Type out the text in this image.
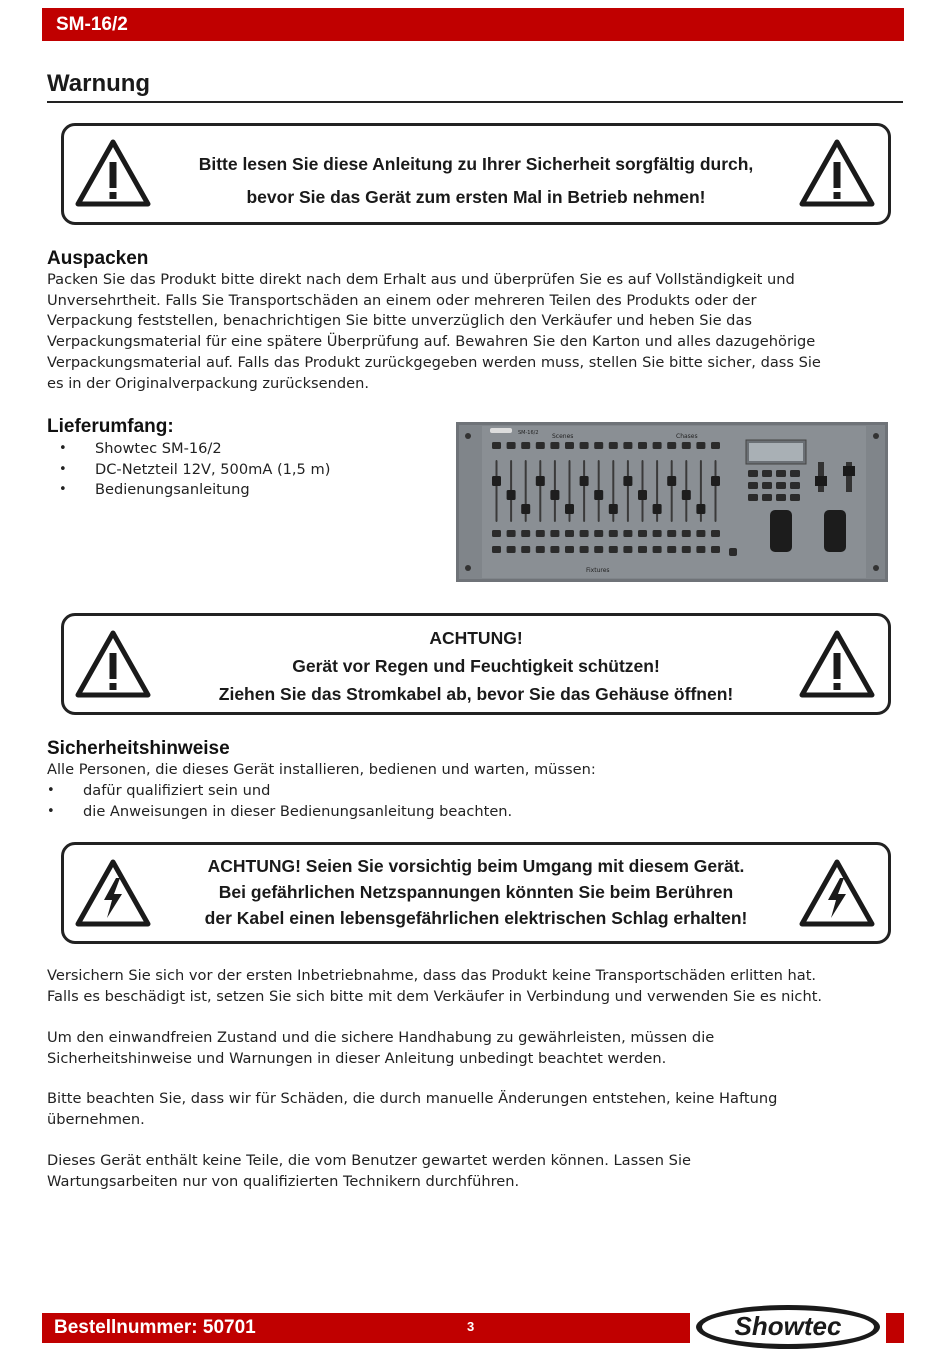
SM-16/2
Warnung
Bitte lesen Sie diese Anleitung zu Ihrer Sicherheit sorgfältig durch,
bevor Sie das Gerät zum ersten Mal in Betrieb nehmen!
Auspacken
Packen Sie das Produkt bitte direkt nach dem Erhalt aus und überprüfen Sie es auf Vollständigkeit und
Unversehrtheit. Falls Sie Transportschäden an einem oder mehreren Teilen des Produkts oder der
Verpackung feststellen, benachrichtigen Sie bitte unverzüglich den Verkäufer und heben Sie das
Verpackungsmaterial für eine spätere Überprüfung auf. Bewahren Sie den Karton und alles dazugehörige
Verpackungsmaterial auf. Falls das Produkt zurückgegeben werden muss, stellen Sie bitte sicher, dass Sie
es in der Originalverpackung zurücksenden.
Lieferumfang:
• Showtec SM-16/2
• DC-Netzteil 12V, 500mA (1,5 m)
• Bedienungsanleitung
SM-16/2 Scenes	Chases
Fixtures
ACHTUNG!
Gerät vor Regen und Feuchtigkeit schützen!
Ziehen Sie das Stromkabel ab, bevor Sie das Gehäuse öffnen!
Sicherheitshinweise
Alle Personen, die dieses Gerät installieren, bedienen und warten, müssen:
• dafür qualifiziert sein und
• die Anweisungen in dieser Bedienungsanleitung beachten.
ACHTUNG! Seien Sie vorsichtig beim Umgang mit diesem Gerät.
Bei gefährlichen Netzspannungen könnten Sie beim Berühren
der Kabel einen lebensgefährlichen elektrischen Schlag erhalten!
Versichern Sie sich vor der ersten Inbetriebnahme, dass das Produkt keine Transportschäden erlitten hat.
Falls es beschädigt ist, setzen Sie sich bitte mit dem Verkäufer in Verbindung und verwenden Sie es nicht.
Um den einwandfreien Zustand und die sichere Handhabung zu gewährleisten, müssen die
Sicherheitshinweise und Warnungen in dieser Anleitung unbedingt beachtet werden.
Bitte beachten Sie, dass wir für Schäden, die durch manuelle Änderungen entstehen, keine Haftung
übernehmen.
Dieses Gerät enthält keine Teile, die vom Benutzer gewartet werden können. Lassen Sie
Wartungsarbeiten nur von qualifizierten Technikern durchführen.
Bestellnummer: 50701	3	Showtec
